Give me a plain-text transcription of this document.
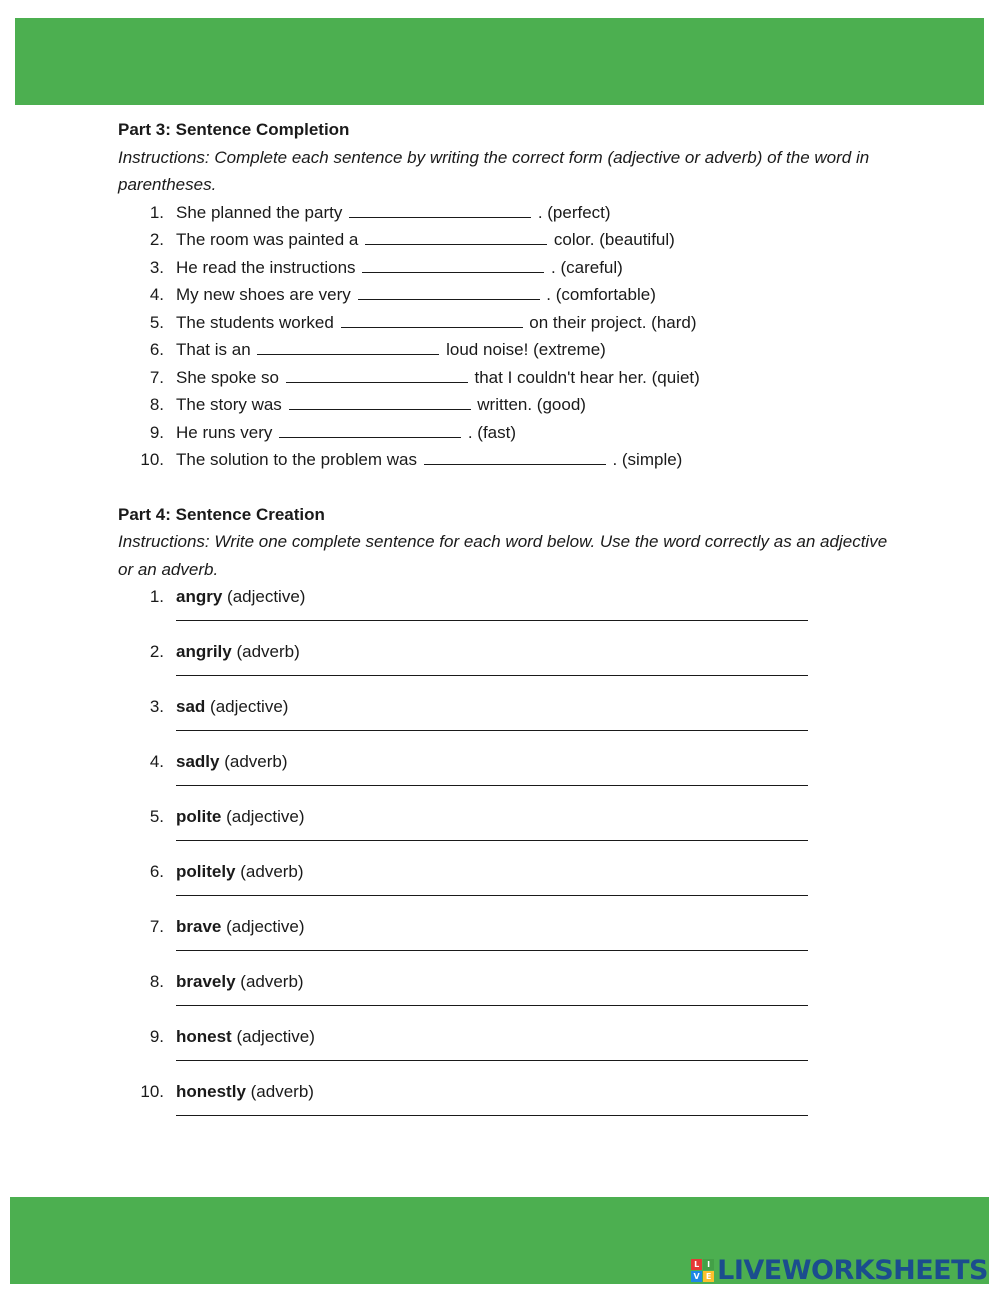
Part 3: Sentence Completion
Instructions: Complete each sentence by writing the correct form (adjective or adverb) of the word in parentheses.
1. She planned the party	. (perfect)
2. The room was painted a	color. (beautiful)
3. He read the instructions	. (careful)
4. My new shoes are very	. (comfortable)
5. The students worked	on their project. (hard)
6. That is an	loud noise! (extreme)
7. She spoke so	that I couldn't hear her. (quiet)
8. The story was	written. (good)
9. He runs very	. (fast)
10. The solution to the problem was	. (simple)
Part 4: Sentence Creation
Instructions: Write one complete sentence for each word below. Use the word correctly as an adjective or an adverb.
1. angry (adjective)
2. angrily (adverb)
3. sad (adjective)
4. sadly (adverb)
5. polite (adjective)
6. politely (adverb)
7. brave (adjective)
8. bravely (adverb)
9. honest (adjective)
10. honestly (adverb)
L I
V E LIVEWORKSHEETS
